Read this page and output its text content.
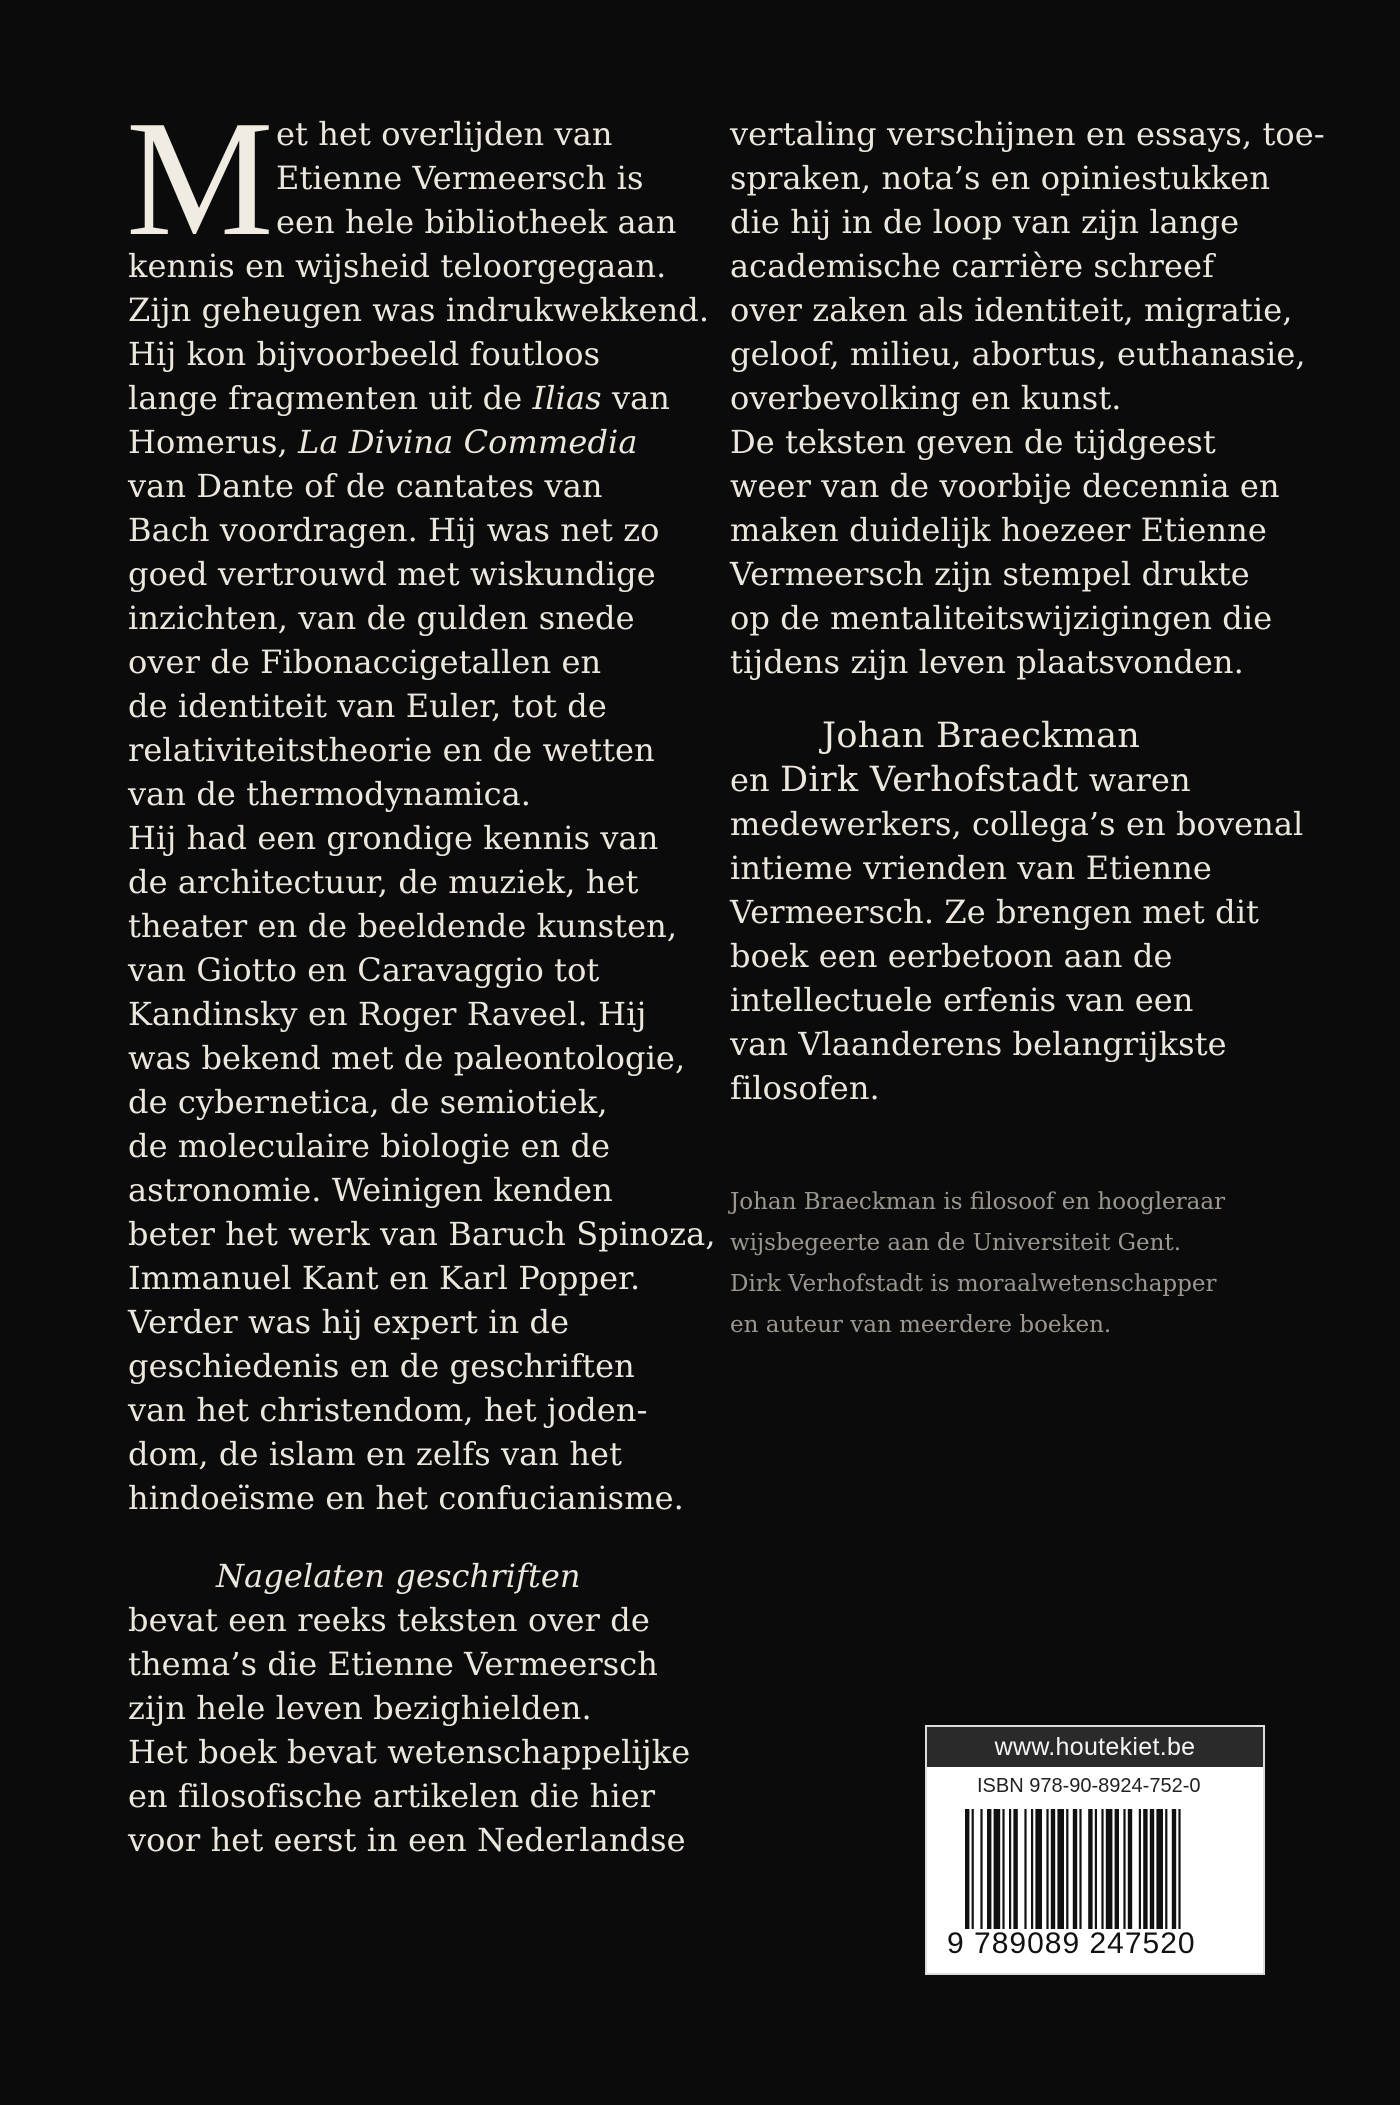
M et het overlijden van
Etienne Vermeersch is
een hele bibliotheek aan
kennis en wijsheid teloorgegaan.
Zijn geheugen was indrukwekkend.
Hij kon bijvoorbeeld foutloos
lange fragmenten uit de Ilias van
Homerus, La Divina Commedia
van Dante of de cantates van
Bach voordragen. Hij was net zo
goed vertrouwd met wiskundige
inzichten, van de gulden snede
over de Fibonaccigetallen en
de identiteit van Euler, tot de
relativiteitstheorie en de wetten
van de thermodynamica.
Hij had een grondige kennis van
de architectuur, de muziek, het
theater en de beeldende kunsten,
van Giotto en Caravaggio tot
Kandinsky en Roger Raveel. Hij
was bekend met de paleontologie,
de cybernetica, de semiotiek,
de moleculaire biologie en de
astronomie. Weinigen kenden
beter het werk van Baruch Spinoza,
Immanuel Kant en Karl Popper.
Verder was hij expert in de
geschiedenis en de geschriften
van het christendom, het joden-
dom, de islam en zelfs van het
hindoeïsme en het confucianisme.
Nagelaten geschriften
bevat een reeks teksten over de
thema’s die Etienne Vermeersch
zijn hele leven bezighielden.
Het boek bevat wetenschappelijke
en filosofische artikelen die hier
voor het eerst in een Nederlandse
vertaling verschijnen en essays, toe-
spraken, nota’s en opiniestukken
die hij in de loop van zijn lange
academische carrière schreef
over zaken als identiteit, migratie,
geloof, milieu, abortus, euthanasie,
overbevolking en kunst.
De teksten geven de tijdgeest
weer van de voorbije decennia en
maken duidelijk hoezeer Etienne
Vermeersch zijn stempel drukte
op de mentaliteitswijzigingen die
tijdens zijn leven plaatsvonden.
Johan Braeckman
en Dirk Verhofstadt waren
medewerkers, collega’s en bovenal
intieme vrienden van Etienne
Vermeersch. Ze brengen met dit
boek een eerbetoon aan de
intellectuele erfenis van een
van Vlaanderens belangrijkste
filosofen.
Johan Braeckman is filosoof en hoogleraar
wijsbegeerte aan de Universiteit Gent.
Dirk Verhofstadt is moraalwetenschapper
en auteur van meerdere boeken.
www.houtekiet.be
ISBN 978-90-8924-752-0
9 789089 247520
